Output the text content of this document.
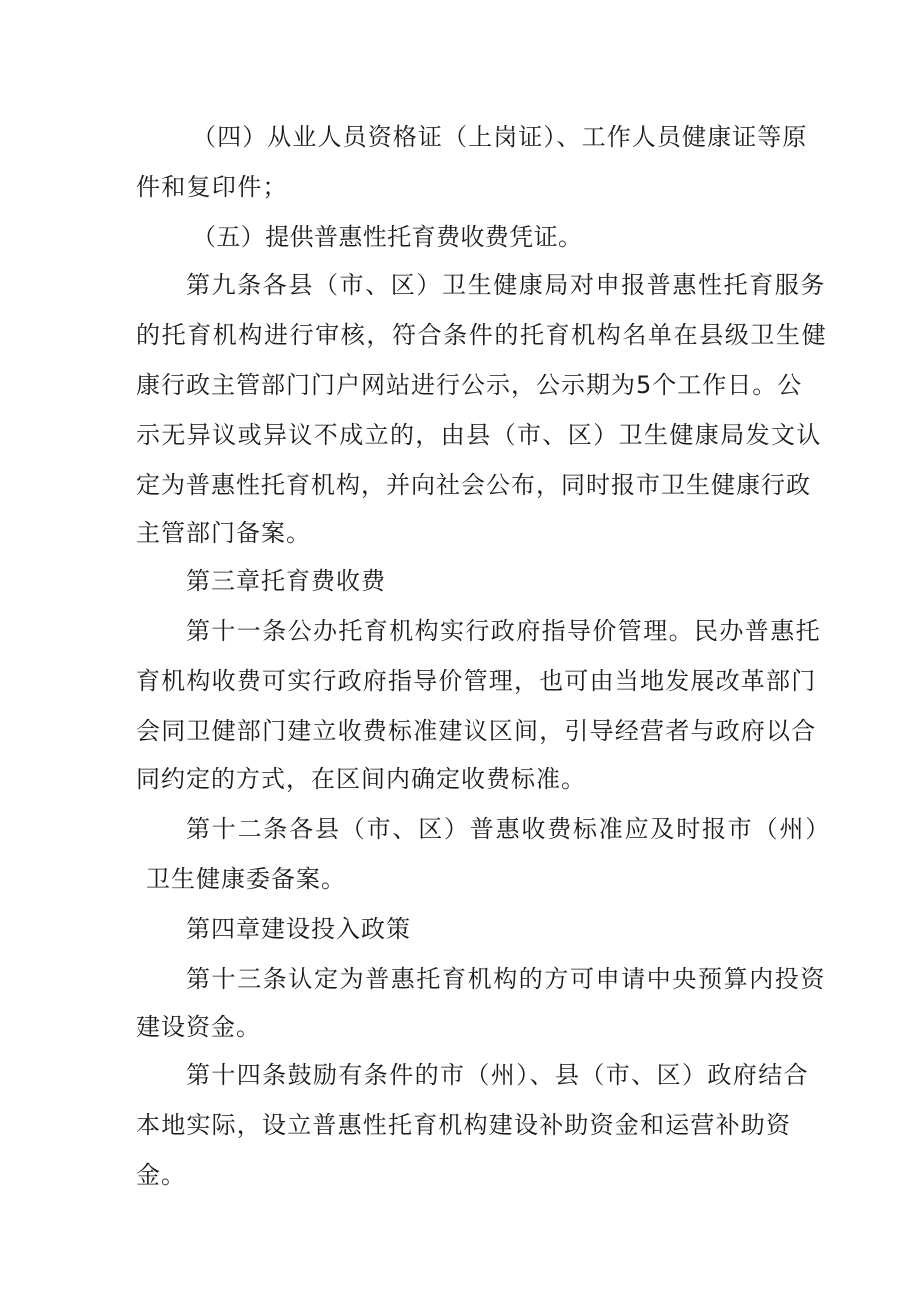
（四）从业人员资格证（上岗证）、工作人员健康证等原
件和复印件；
（五）提供普惠性托育费收费凭证。
第九条各县（市、区）卫生健康局对申报普惠性托育服务
的托育机构进行审核，符合条件的托育机构名单在县级卫生健
康行政主管部门门户网站进行公示，公示期为5个工作日。公
示无异议或异议不成立的，由县（市、区）卫生健康局发文认
定为普惠性托育机构，并向社会公布，同时报市卫生健康行政
主管部门备案。
第三章托育费收费
第十一条公办托育机构实行政府指导价管理。民办普惠托
育机构收费可实行政府指导价管理，也可由当地发展改革部门
会同卫健部门建立收费标准建议区间，引导经营者与政府以合
同约定的方式，在区间内确定收费标准。
第十二条各县（市、区）普惠收费标准应及时报市（州）
卫生健康委备案。
第四章建设投入政策
第十三条认定为普惠托育机构的方可申请中央预算内投资
建设资金。
第十四条鼓励有条件的市（州）、县（市、区）政府结合
本地实际，设立普惠性托育机构建设补助资金和运营补助资
金。
